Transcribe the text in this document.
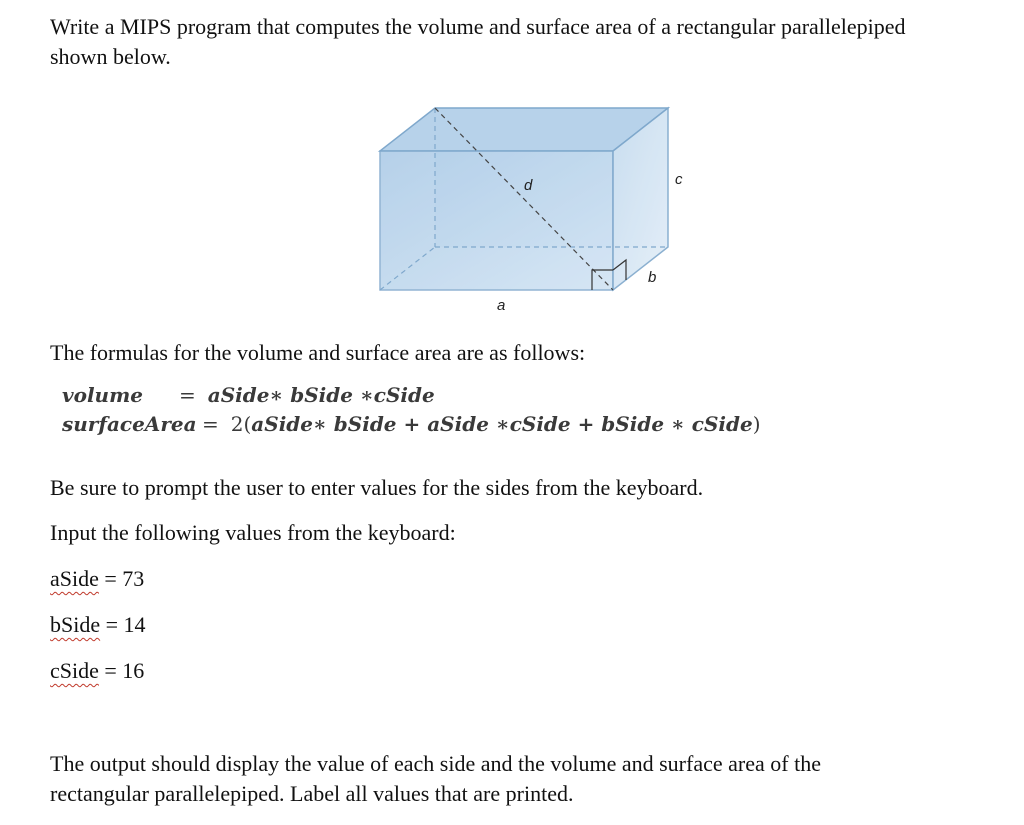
Write a MIPS program that computes the volume and surface area of a rectangular parallelepiped
shown below.
d	c
b
a
The formulas for the volume and surface area are as follows:
volume = aSide∗ bSide ∗cSide
surfaceArea = 2(aSide∗ bSide + aSide ∗cSide + bSide ∗ cSide)
Be sure to prompt the user to enter values for the sides from the keyboard.
Input the following values from the keyboard:
aSide = 73
bSide = 14
cSide = 16
The output should display the value of each side and the volume and surface area of the
rectangular parallelepiped. Label all values that are printed.
